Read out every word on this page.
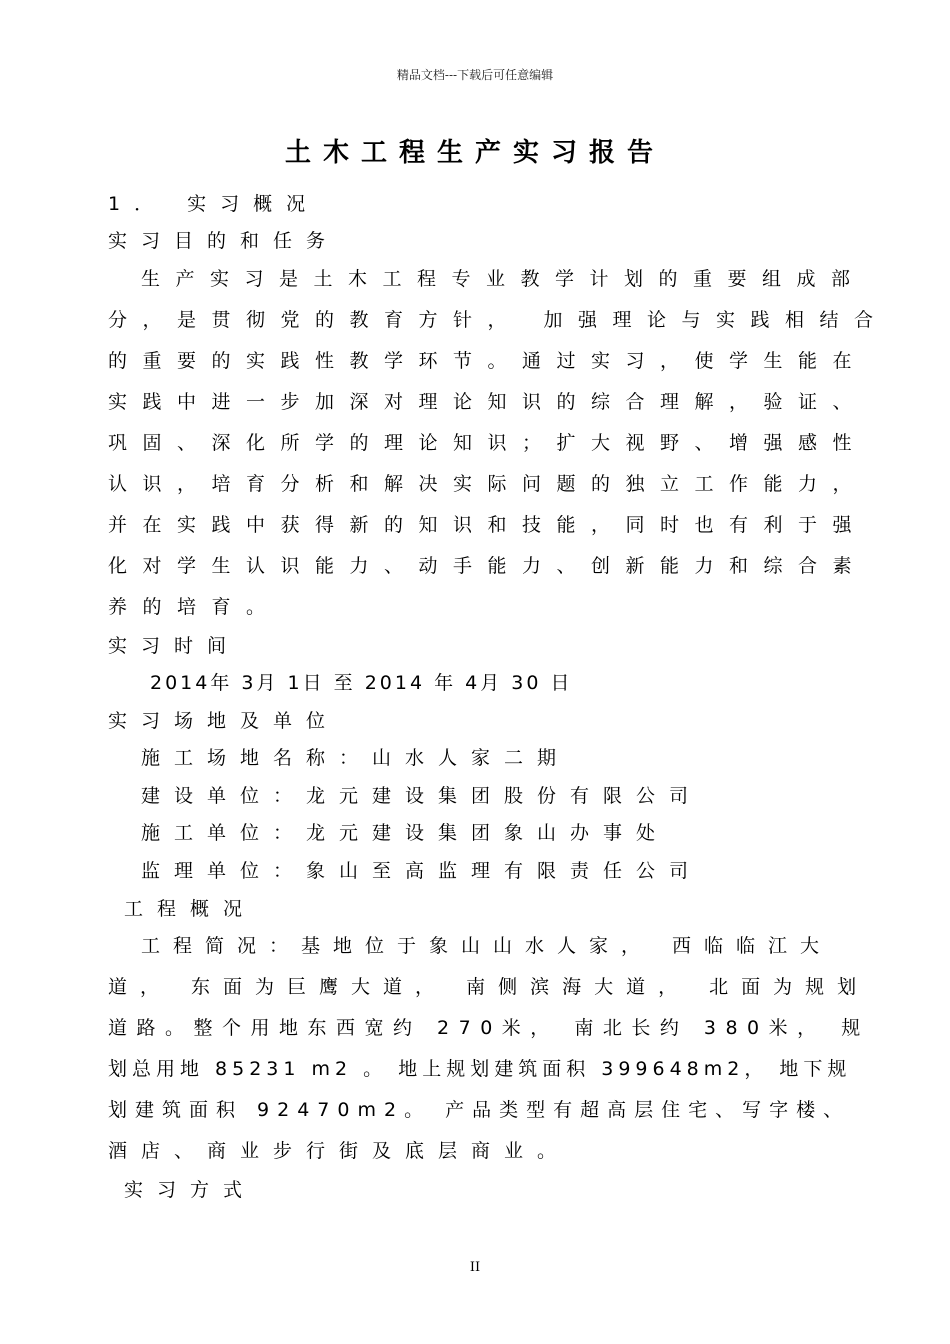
精品文档---下载后可任意编辑
土木工程生产实习报告
1． 实习概况
实习目的和任务
生产实习是土木工程专业教学计划的重要组成部
分，是贯彻党的教育方针， 加强理论与实践相结合
的重要的实践性教学环节。通过实习，使学生能在
实践中进一步加深对理论知识的综合理解，验证、
巩固、深化所学的理论知识；扩大视野、增强感性
认识，培育分析和解决实际问题的独立工作能力，
并在实践中获得新的知识和技能，同时也有利于强
化对学生认识能力、动手能力、创新能力和综合素
养的培育。
实习时间
2014年 3月 1日 至 2014 年 4月 30 日
实习场地及单位
施工场地名称：山水人家二期
建设单位：龙元建设集团股份有限公司
施工单位：龙元建设集团象山办事处
监理单位：象山至高监理有限责任公司
工程概况
工程简况：基地位于象山山水人家， 西临临江大
道， 东面为巨鹰大道， 南侧滨海大道， 北面为规划
道路。整个用地东西宽约 270米， 南北长约 380米， 规
划总用地 85231 m2 。 地上规划建筑面积 399648m2， 地下规
划建筑面积 92470m2。 产品类型有超高层住宅、写字楼、
酒店、商业步行街及底层商业。
实习方式
II
